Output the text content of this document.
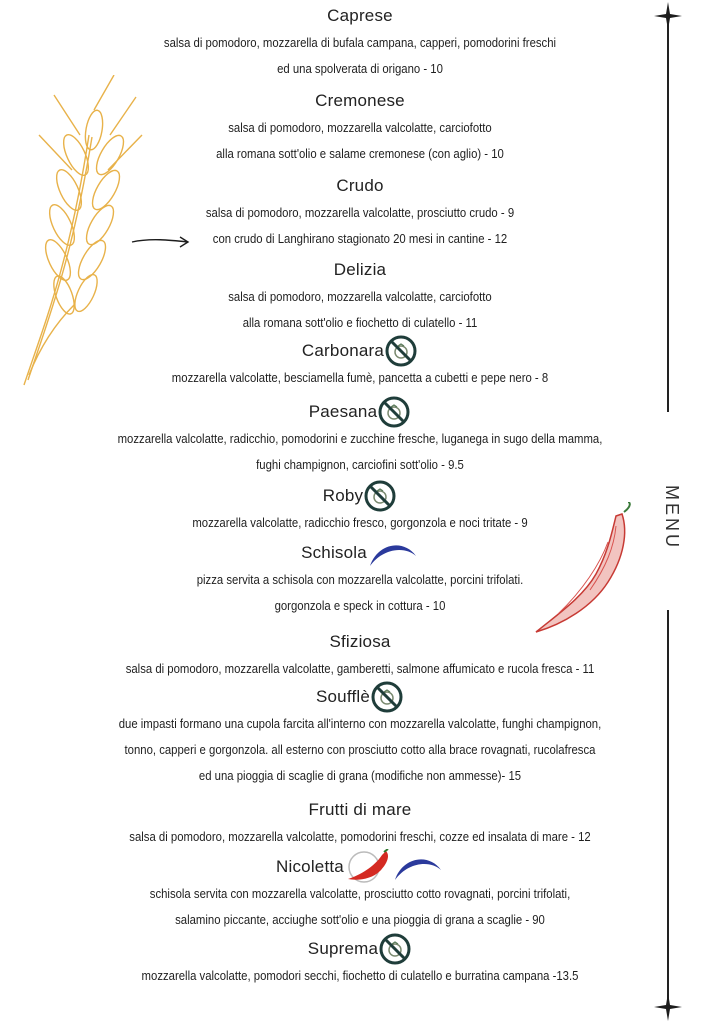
MENU
Caprese
salsa di pomodoro, mozzarella di bufala campana, capperi, pomodorini freschi
ed una spolverata di origano - 10
Cremonese
salsa di pomodoro, mozzarella valcolatte, carciofotto
alla romana sott'olio e salame cremonese (con aglio) - 10
Crudo
salsa di pomodoro, mozzarella valcolatte, prosciutto crudo - 9
con crudo di Langhirano stagionato 20 mesi in cantine - 12
Delizia
salsa di pomodoro, mozzarella valcolatte, carciofotto
alla romana sott'olio e fiochetto di culatello - 11
Carbonara
mozzarella valcolatte, besciamella fumè, pancetta a cubetti e pepe nero - 8
Paesana
mozzarella valcolatte, radicchio, pomodorini e zucchine fresche, luganega in sugo della mamma,
fughi champignon, carciofini sott'olio - 9.5
Roby
mozzarella valcolatte, radicchio fresco, gorgonzola e noci tritate - 9
Schisola
pizza servita a schisola con mozzarella valcolatte, porcini trifolati.
gorgonzola e speck in cottura - 10
Sfiziosa
salsa di pomodoro, mozzarella valcolatte, gamberetti, salmone affumicato e rucola fresca - 11
Soufflè
due impasti formano una cupola farcita all'interno con mozzarella valcolatte, funghi champignon,
tonno, capperi e gorgonzola. all esterno con prosciutto cotto alla brace rovagnati, rucolafresca
ed una pioggia di scaglie di grana (modifiche non ammesse)- 15
Frutti di mare
salsa di pomodoro, mozzarella valcolatte, pomodorini freschi, cozze ed insalata di mare - 12
Nicoletta
schisola servita con mozzarella valcolatte, prosciutto cotto rovagnati, porcini trifolati,
salamino piccante, acciughe sott'olio e una pioggia di grana a scaglie - 90
Suprema
mozzarella valcolatte, pomodori secchi, fiochetto di culatello e burratina campana -13.5
